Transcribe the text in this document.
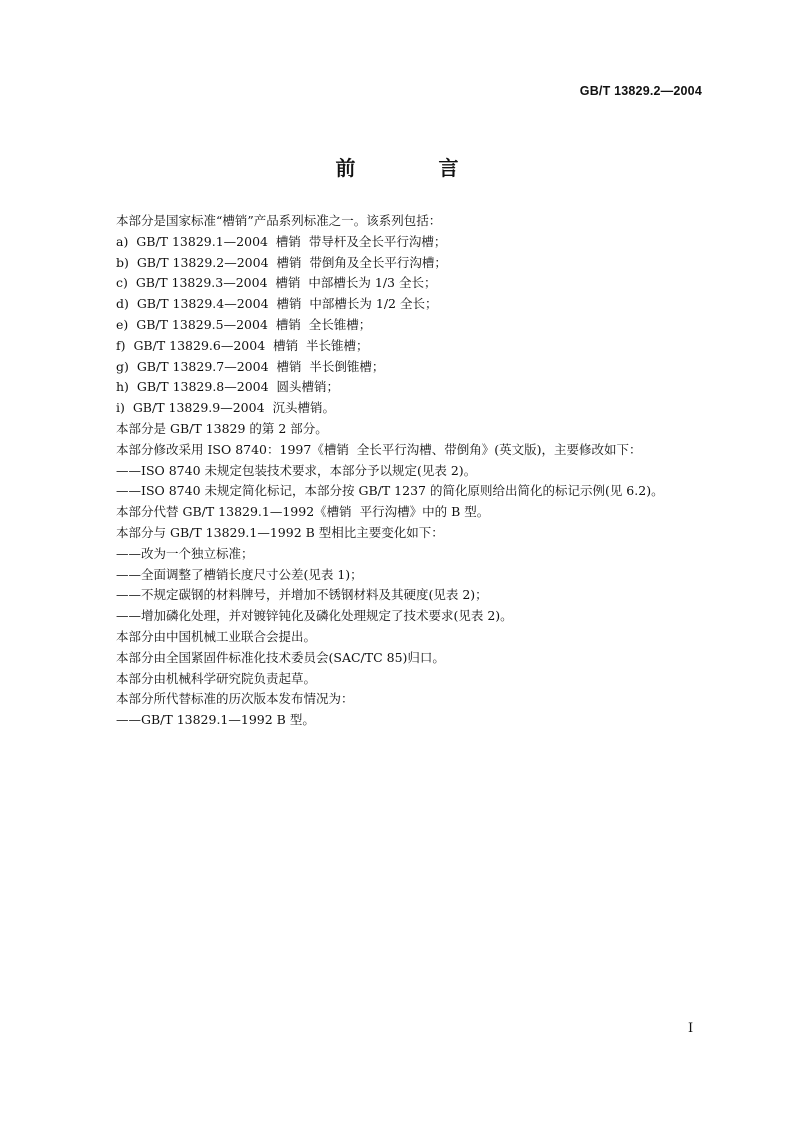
GB/T 13829.2—2004
前 言
本部分是国家标准“槽销”产品系列标准之一。该系列包括：
a)  GB/T 13829.1—2004  槽销  带导杆及全长平行沟槽；
b)  GB/T 13829.2—2004  槽销  带倒角及全长平行沟槽；
c)  GB/T 13829.3—2004  槽销  中部槽长为 1/3 全长；
d)  GB/T 13829.4—2004  槽销  中部槽长为 1/2 全长；
e)  GB/T 13829.5—2004  槽销  全长锥槽；
f)  GB/T 13829.6—2004  槽销  半长锥槽；
g)  GB/T 13829.7—2004  槽销  半长倒锥槽；
h)  GB/T 13829.8—2004  圆头槽销；
i)  GB/T 13829.9—2004  沉头槽销。
本部分是 GB/T 13829 的第 2 部分。
本部分修改采用 ISO 8740：1997《槽销  全长平行沟槽、带倒角》(英文版)，主要修改如下：
——ISO 8740 未规定包装技术要求，本部分予以规定(见表 2)。
——ISO 8740 未规定简化标记，本部分按 GB/T 1237 的简化原则给出简化的标记示例(见 6.2)。
本部分代替 GB/T 13829.1—1992《槽销  平行沟槽》中的 B 型。
本部分与 GB/T 13829.1—1992 B 型相比主要变化如下：
——改为一个独立标准；
——全面调整了槽销长度尺寸公差(见表 1)；
——不规定碳钢的材料牌号，并增加不锈钢材料及其硬度(见表 2)；
——增加磷化处理，并对镀锌钝化及磷化处理规定了技术要求(见表 2)。
本部分由中国机械工业联合会提出。
本部分由全国紧固件标准化技术委员会(SAC/TC 85)归口。
本部分由机械科学研究院负责起草。
本部分所代替标准的历次版本发布情况为：
——GB/T 13829.1—1992 B 型。
I
